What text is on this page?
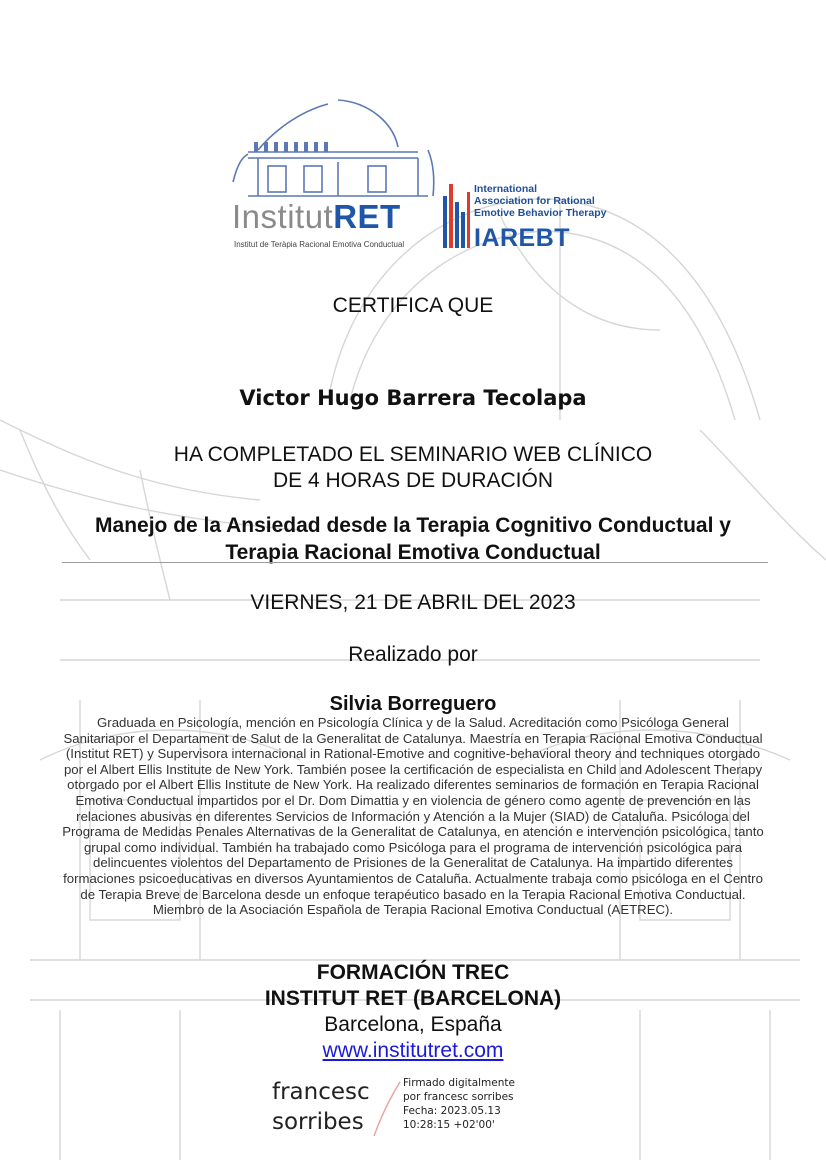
InstitutRET
Institut de Teràpia Racional Emotiva Conductual
International
Association for Rational
Emotive Behavior Therapy
IAREBT
CERTIFICA QUE
Victor Hugo Barrera Tecolapa
HA COMPLETADO EL SEMINARIO WEB CLÍNICO
DE 4 HORAS DE DURACIÓN
Manejo de la Ansiedad desde la Terapia Cognitivo Conductual y
Terapia Racional Emotiva Conductual
VIERNES, 21 DE ABRIL DEL 2023
Realizado por
Silvia Borreguero
Graduada en Psicología, mención en Psicología Clínica y de la Salud. Acreditación como Psicóloga General Sanitariapor el Departament de Salut de la Generalitat de Catalunya. Maestría en Terapia Racional Emotiva Conductual (Institut RET) y Supervisora internacional in Rational-Emotive and cognitive-behavioral theory and techniques otorgado por el Albert Ellis Institute de New York. También posee la certificación de especialista en Child and Adolescent Therapy otorgado por el Albert Ellis Institute de New York. Ha realizado diferentes seminarios de formación en Terapia Racional Emotiva Conductual impartidos por el Dr. Dom Dimattia y en violencia de género como agente de prevención en las relaciones abusivas en diferentes Servicios de Información y Atención a la Mujer (SIAD) de Cataluña. Psicóloga del Programa de Medidas Penales Alternativas de la Generalitat de Catalunya, en atención e intervención psicológica, tanto grupal como individual. También ha trabajado como Psicóloga para el programa de intervención psicológica para delincuentes violentos del Departamento de Prisiones de la Generalitat de Catalunya. Ha impartido diferentes formaciones psicoeducativas en diversos Ayuntamientos de Cataluña. Actualmente trabaja como psicóloga en el Centro de Terapia Breve de Barcelona desde un enfoque terapéutico basado en la Terapia Racional Emotiva Conductual. Miembro de la Asociación Española de Terapia Racional Emotiva Conductual (AETREC).
FORMACIÓN TREC
INSTITUT RET (BARCELONA)
Barcelona, España
www.institutret.com
francesc
sorribes
Firmado digitalmente
por francesc sorribes
Fecha: 2023.05.13
10:28:15 +02'00'
